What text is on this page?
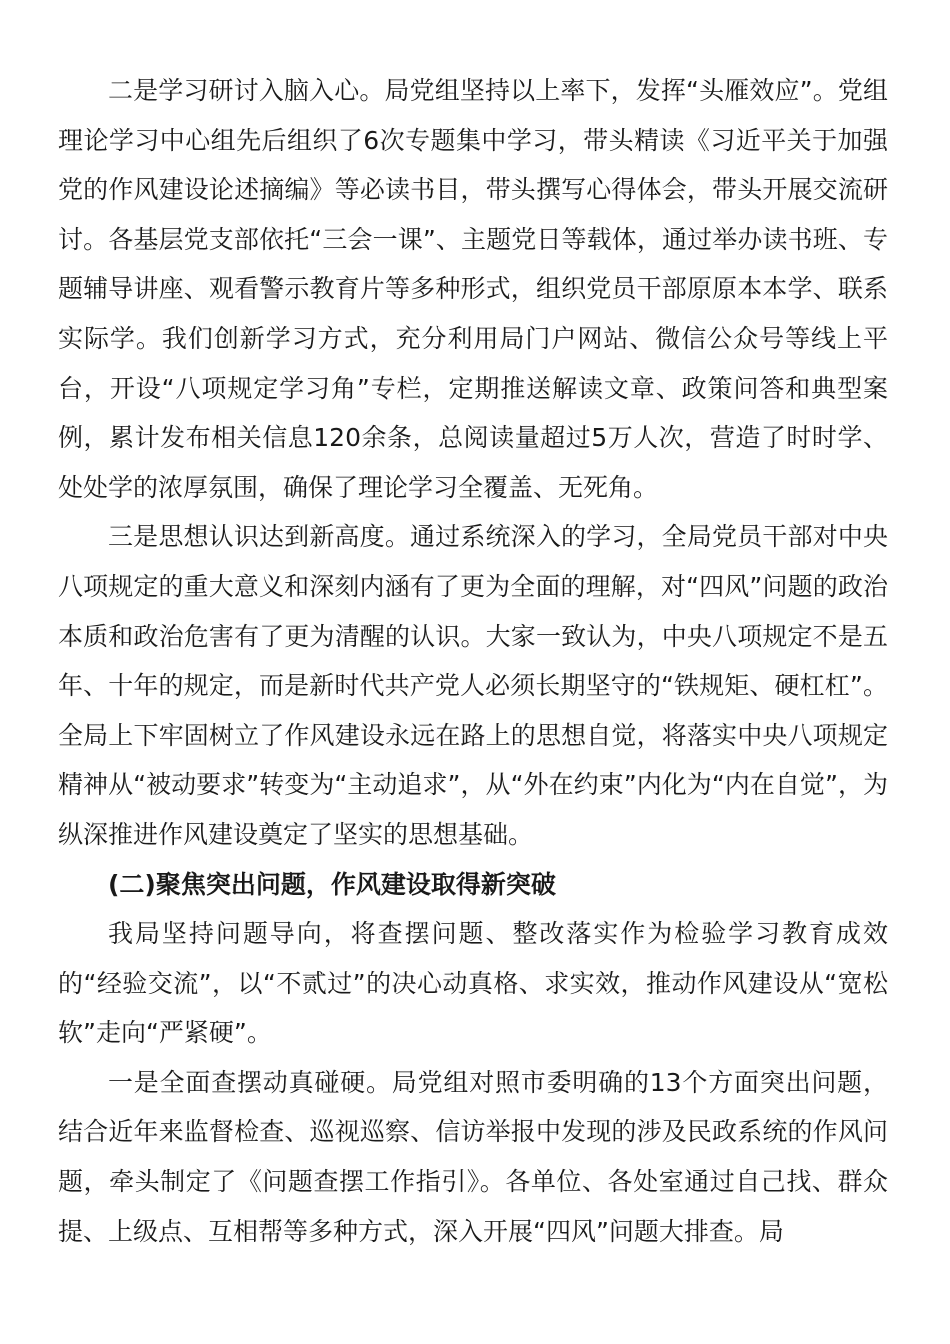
二是学习研讨入脑入心。局党组坚持以上率下，发挥“头雁效应”。党组理论学习中心组先后组织了6次专题集中学习，带头精读《习近平关于加强党的作风建设论述摘编》等必读书目，带头撰写心得体会，带头开展交流研讨。各基层党支部依托“三会一课”、主题党日等载体，通过举办读书班、专题辅导讲座、观看警示教育片等多种形式，组织党员干部原原本本学、联系实际学。我们创新学习方式，充分利用局门户网站、微信公众号等线上平台，开设“八项规定学习角”专栏，定期推送解读文章、政策问答和典型案例，累计发布相关信息120余条，总阅读量超过5万人次，营造了时时学、处处学的浓厚氛围，确保了理论学习全覆盖、无死角。

三是思想认识达到新高度。通过系统深入的学习，全局党员干部对中央八项规定的重大意义和深刻内涵有了更为全面的理解，对“四风”问题的政治本质和政治危害有了更为清醒的认识。大家一致认为，中央八项规定不是五年、十年的规定，而是新时代共产党人必须长期坚守的“铁规矩、硬杠杠”。全局上下牢固树立了作风建设永远在路上的思想自觉，将落实中央八项规定精神从“被动要求”转变为“主动追求”，从“外在约束”内化为“内在自觉”，为纵深推进作风建设奠定了坚实的思想基础。

(二)聚焦突出问题，作风建设取得新突破

我局坚持问题导向，将查摆问题、整改落实作为检验学习教育成效的“经验交流”，以“不贰过”的决心动真格、求实效，推动作风建设从“宽松软”走向“严紧硬”。

一是全面查摆动真碰硬。局党组对照市委明确的13个方面突出问题，结合近年来监督检查、巡视巡察、信访举报中发现的涉及民政系统的作风问题，牵头制定了《问题查摆工作指引》。各单位、各处室通过自己找、群众提、上级点、互相帮等多种方式，深入开展“四风”问题大排查。局
